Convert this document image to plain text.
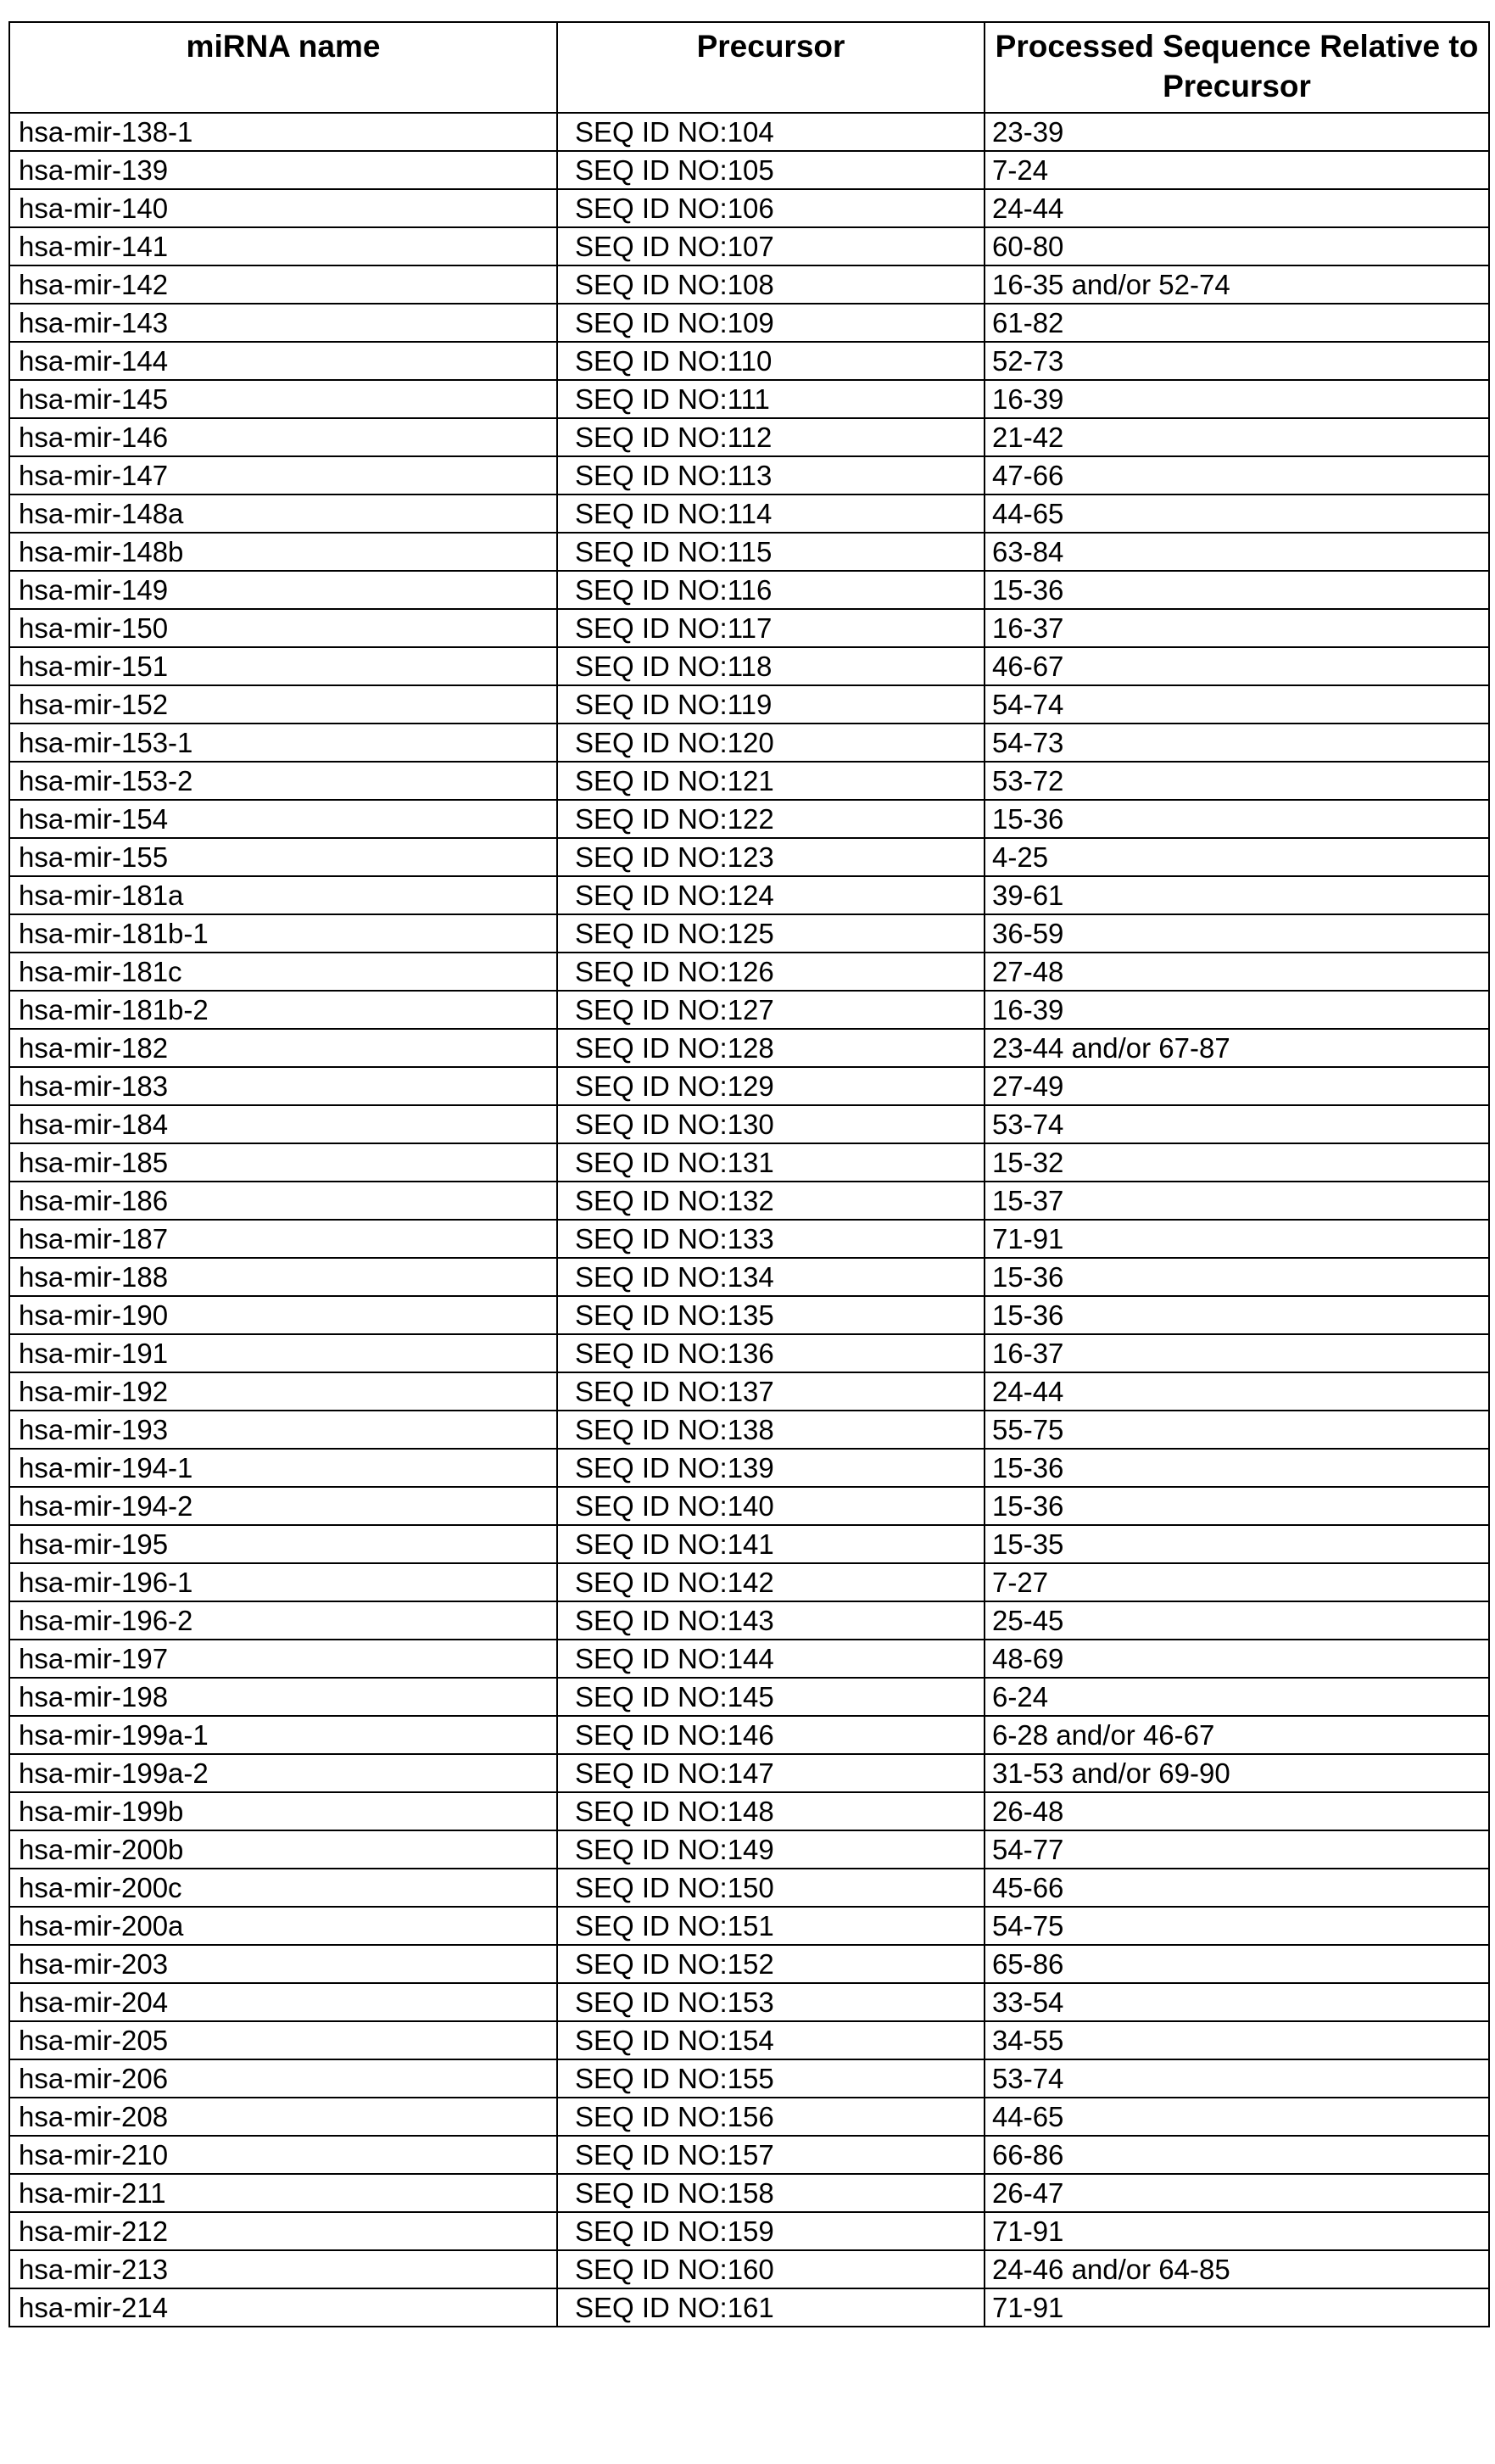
miRNA name	Precursor	Processed Sequence Relative to Precursor
hsa-mir-138-1	SEQ ID NO:104	23-39
hsa-mir-139	SEQ ID NO:105	7-24
hsa-mir-140	SEQ ID NO:106	24-44
hsa-mir-141	SEQ ID NO:107	60-80
hsa-mir-142	SEQ ID NO:108	16-35 and/or 52-74
hsa-mir-143	SEQ ID NO:109	61-82
hsa-mir-144	SEQ ID NO:110	52-73
hsa-mir-145	SEQ ID NO:111	16-39
hsa-mir-146	SEQ ID NO:112	21-42
hsa-mir-147	SEQ ID NO:113	47-66
hsa-mir-148a	SEQ ID NO:114	44-65
hsa-mir-148b	SEQ ID NO:115	63-84
hsa-mir-149	SEQ ID NO:116	15-36
hsa-mir-150	SEQ ID NO:117	16-37
hsa-mir-151	SEQ ID NO:118	46-67
hsa-mir-152	SEQ ID NO:119	54-74
hsa-mir-153-1	SEQ ID NO:120	54-73
hsa-mir-153-2	SEQ ID NO:121	53-72
hsa-mir-154	SEQ ID NO:122	15-36
hsa-mir-155	SEQ ID NO:123	4-25
hsa-mir-181a	SEQ ID NO:124	39-61
hsa-mir-181b-1	SEQ ID NO:125	36-59
hsa-mir-181c	SEQ ID NO:126	27-48
hsa-mir-181b-2	SEQ ID NO:127	16-39
hsa-mir-182	SEQ ID NO:128	23-44 and/or 67-87
hsa-mir-183	SEQ ID NO:129	27-49
hsa-mir-184	SEQ ID NO:130	53-74
hsa-mir-185	SEQ ID NO:131	15-32
hsa-mir-186	SEQ ID NO:132	15-37
hsa-mir-187	SEQ ID NO:133	71-91
hsa-mir-188	SEQ ID NO:134	15-36
hsa-mir-190	SEQ ID NO:135	15-36
hsa-mir-191	SEQ ID NO:136	16-37
hsa-mir-192	SEQ ID NO:137	24-44
hsa-mir-193	SEQ ID NO:138	55-75
hsa-mir-194-1	SEQ ID NO:139	15-36
hsa-mir-194-2	SEQ ID NO:140	15-36
hsa-mir-195	SEQ ID NO:141	15-35
hsa-mir-196-1	SEQ ID NO:142	7-27
hsa-mir-196-2	SEQ ID NO:143	25-45
hsa-mir-197	SEQ ID NO:144	48-69
hsa-mir-198	SEQ ID NO:145	6-24
hsa-mir-199a-1	SEQ ID NO:146	6-28 and/or 46-67
hsa-mir-199a-2	SEQ ID NO:147	31-53 and/or 69-90
hsa-mir-199b	SEQ ID NO:148	26-48
hsa-mir-200b	SEQ ID NO:149	54-77
hsa-mir-200c	SEQ ID NO:150	45-66
hsa-mir-200a	SEQ ID NO:151	54-75
hsa-mir-203	SEQ ID NO:152	65-86
hsa-mir-204	SEQ ID NO:153	33-54
hsa-mir-205	SEQ ID NO:154	34-55
hsa-mir-206	SEQ ID NO:155	53-74
hsa-mir-208	SEQ ID NO:156	44-65
hsa-mir-210	SEQ ID NO:157	66-86
hsa-mir-211	SEQ ID NO:158	26-47
hsa-mir-212	SEQ ID NO:159	71-91
hsa-mir-213	SEQ ID NO:160	24-46 and/or 64-85
hsa-mir-214	SEQ ID NO:161	71-91
